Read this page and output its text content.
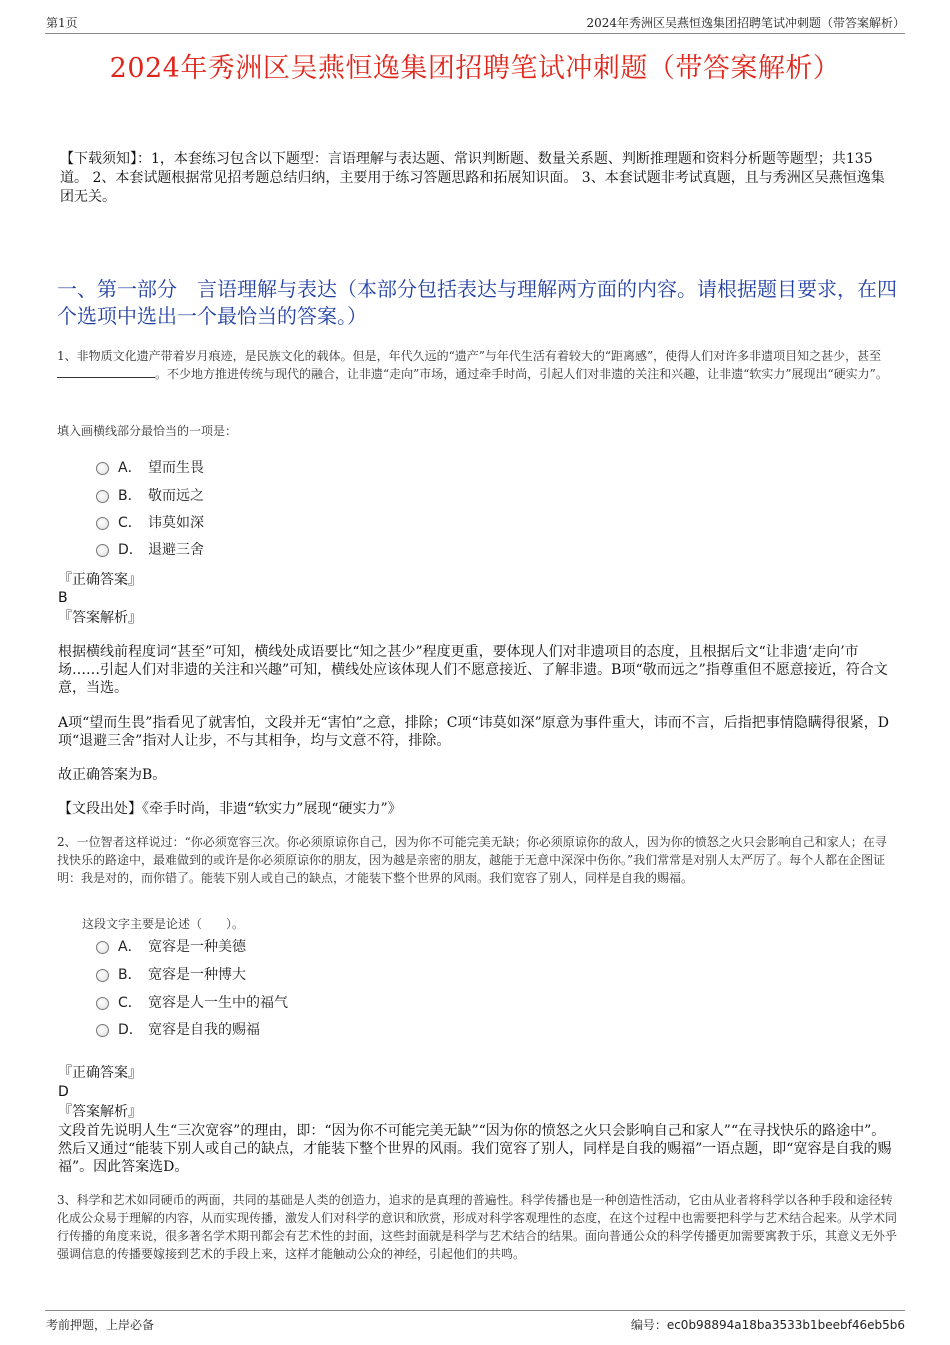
第1页	2024年秀洲区吴燕恒逸集团招聘笔试冲刺题（带答案解析）
2024年秀洲区吴燕恒逸集团招聘笔试冲刺题（带答案解析）
【下载须知】：1，本套练习包含以下题型：言语理解与表达题、常识判断题、数量关系题、判断推理题和资料分析题等题型；共135道。 2、本套试题根据常见招考题总结归纳，主要用于练习答题思路和拓展知识面。 3、本套试题非考试真题，且与秀洲区吴燕恒逸集团无关。
一、第一部分　言语理解与表达（本部分包括表达与理解两方面的内容。请根据题目要求，在四个选项中选出一个最恰当的答案。）
1、非物质文化遗产带着岁月痕迹，是民族文化的载体。但是，年代久远的“遗产”与年代生活有着较大的“距离感”，使得人们对许多非遗项目知之甚少，甚至。不少地方推进传统与现代的融合，让非遗“走向”市场，通过牵手时尚，引起人们对非遗的关注和兴趣，让非遗“软实力”展现出“硬实力”。
填入画横线部分最恰当的一项是：
A． 望而生畏
B． 敬而远之
C． 讳莫如深
D． 退避三舍
『正确答案』
B
『答案解析』
根据横线前程度词“甚至”可知，横线处成语要比“知之甚少”程度更重，要体现人们对非遗项目的态度，且根据后文“让非遗‘走向’市场……引起人们对非遗的关注和兴趣”可知，横线处应该体现人们不愿意接近、了解非遗。B项“敬而远之”指尊重但不愿意接近，符合文意，当选。
A项“望而生畏”指看见了就害怕，文段并无“害怕”之意，排除；C项“讳莫如深”原意为事件重大，讳而不言，后指把事情隐瞒得很紧，D项“退避三舍”指对人让步，不与其相争，均与文意不符，排除。
故正确答案为B。
【文段出处】《牵手时尚，非遗“软实力”展现“硬实力”》
2、一位智者这样说过：“你必须宽容三次。你必须原谅你自己，因为你不可能完美无缺；你必须原谅你的敌人，因为你的愤怒之火只会影响自己和家人；在寻找快乐的路途中，最难做到的或许是你必须原谅你的朋友，因为越是亲密的朋友，越能于无意中深深中伤你。”我们常常是对别人太严厉了。每个人都在企图证明：我是对的，而你错了。能装下别人或自己的缺点，才能装下整个世界的风雨。我们宽容了别人，同样是自我的赐福。
这段文字主要是论述（　　）。
A． 宽容是一种美德
B． 宽容是一种博大
C． 宽容是人一生中的福气
D． 宽容是自我的赐福
『正确答案』
D
『答案解析』
文段首先说明人生“三次宽容”的理由，即：“因为你不可能完美无缺”“因为你的愤怒之火只会影响自己和家人”“在寻找快乐的路途中”。然后又通过“能装下别人或自己的缺点，才能装下整个世界的风雨。我们宽容了别人，同样是自我的赐福”一语点题，即“宽容是自我的赐福”。因此答案选D。
3、科学和艺术如同硬币的两面，共同的基础是人类的创造力，追求的是真理的普遍性。科学传播也是一种创造性活动，它由从业者将科学以各种手段和途径转化成公众易于理解的内容，从而实现传播，激发人们对科学的意识和欣赏，形成对科学客观理性的态度，在这个过程中也需要把科学与艺术结合起来。从学术同行传播的角度来说，很多著名学术期刊都会有艺术性的封面，这些封面就是科学与艺术结合的结果。面向普通公众的科学传播更加需要寓教于乐，其意义无外乎强调信息的传播要嫁接到艺术的手段上来，这样才能触动公众的神经，引起他们的共鸣。
考前押题，上岸必备	编号：ec0b98894a18ba3533b1beebf46eb5b6
